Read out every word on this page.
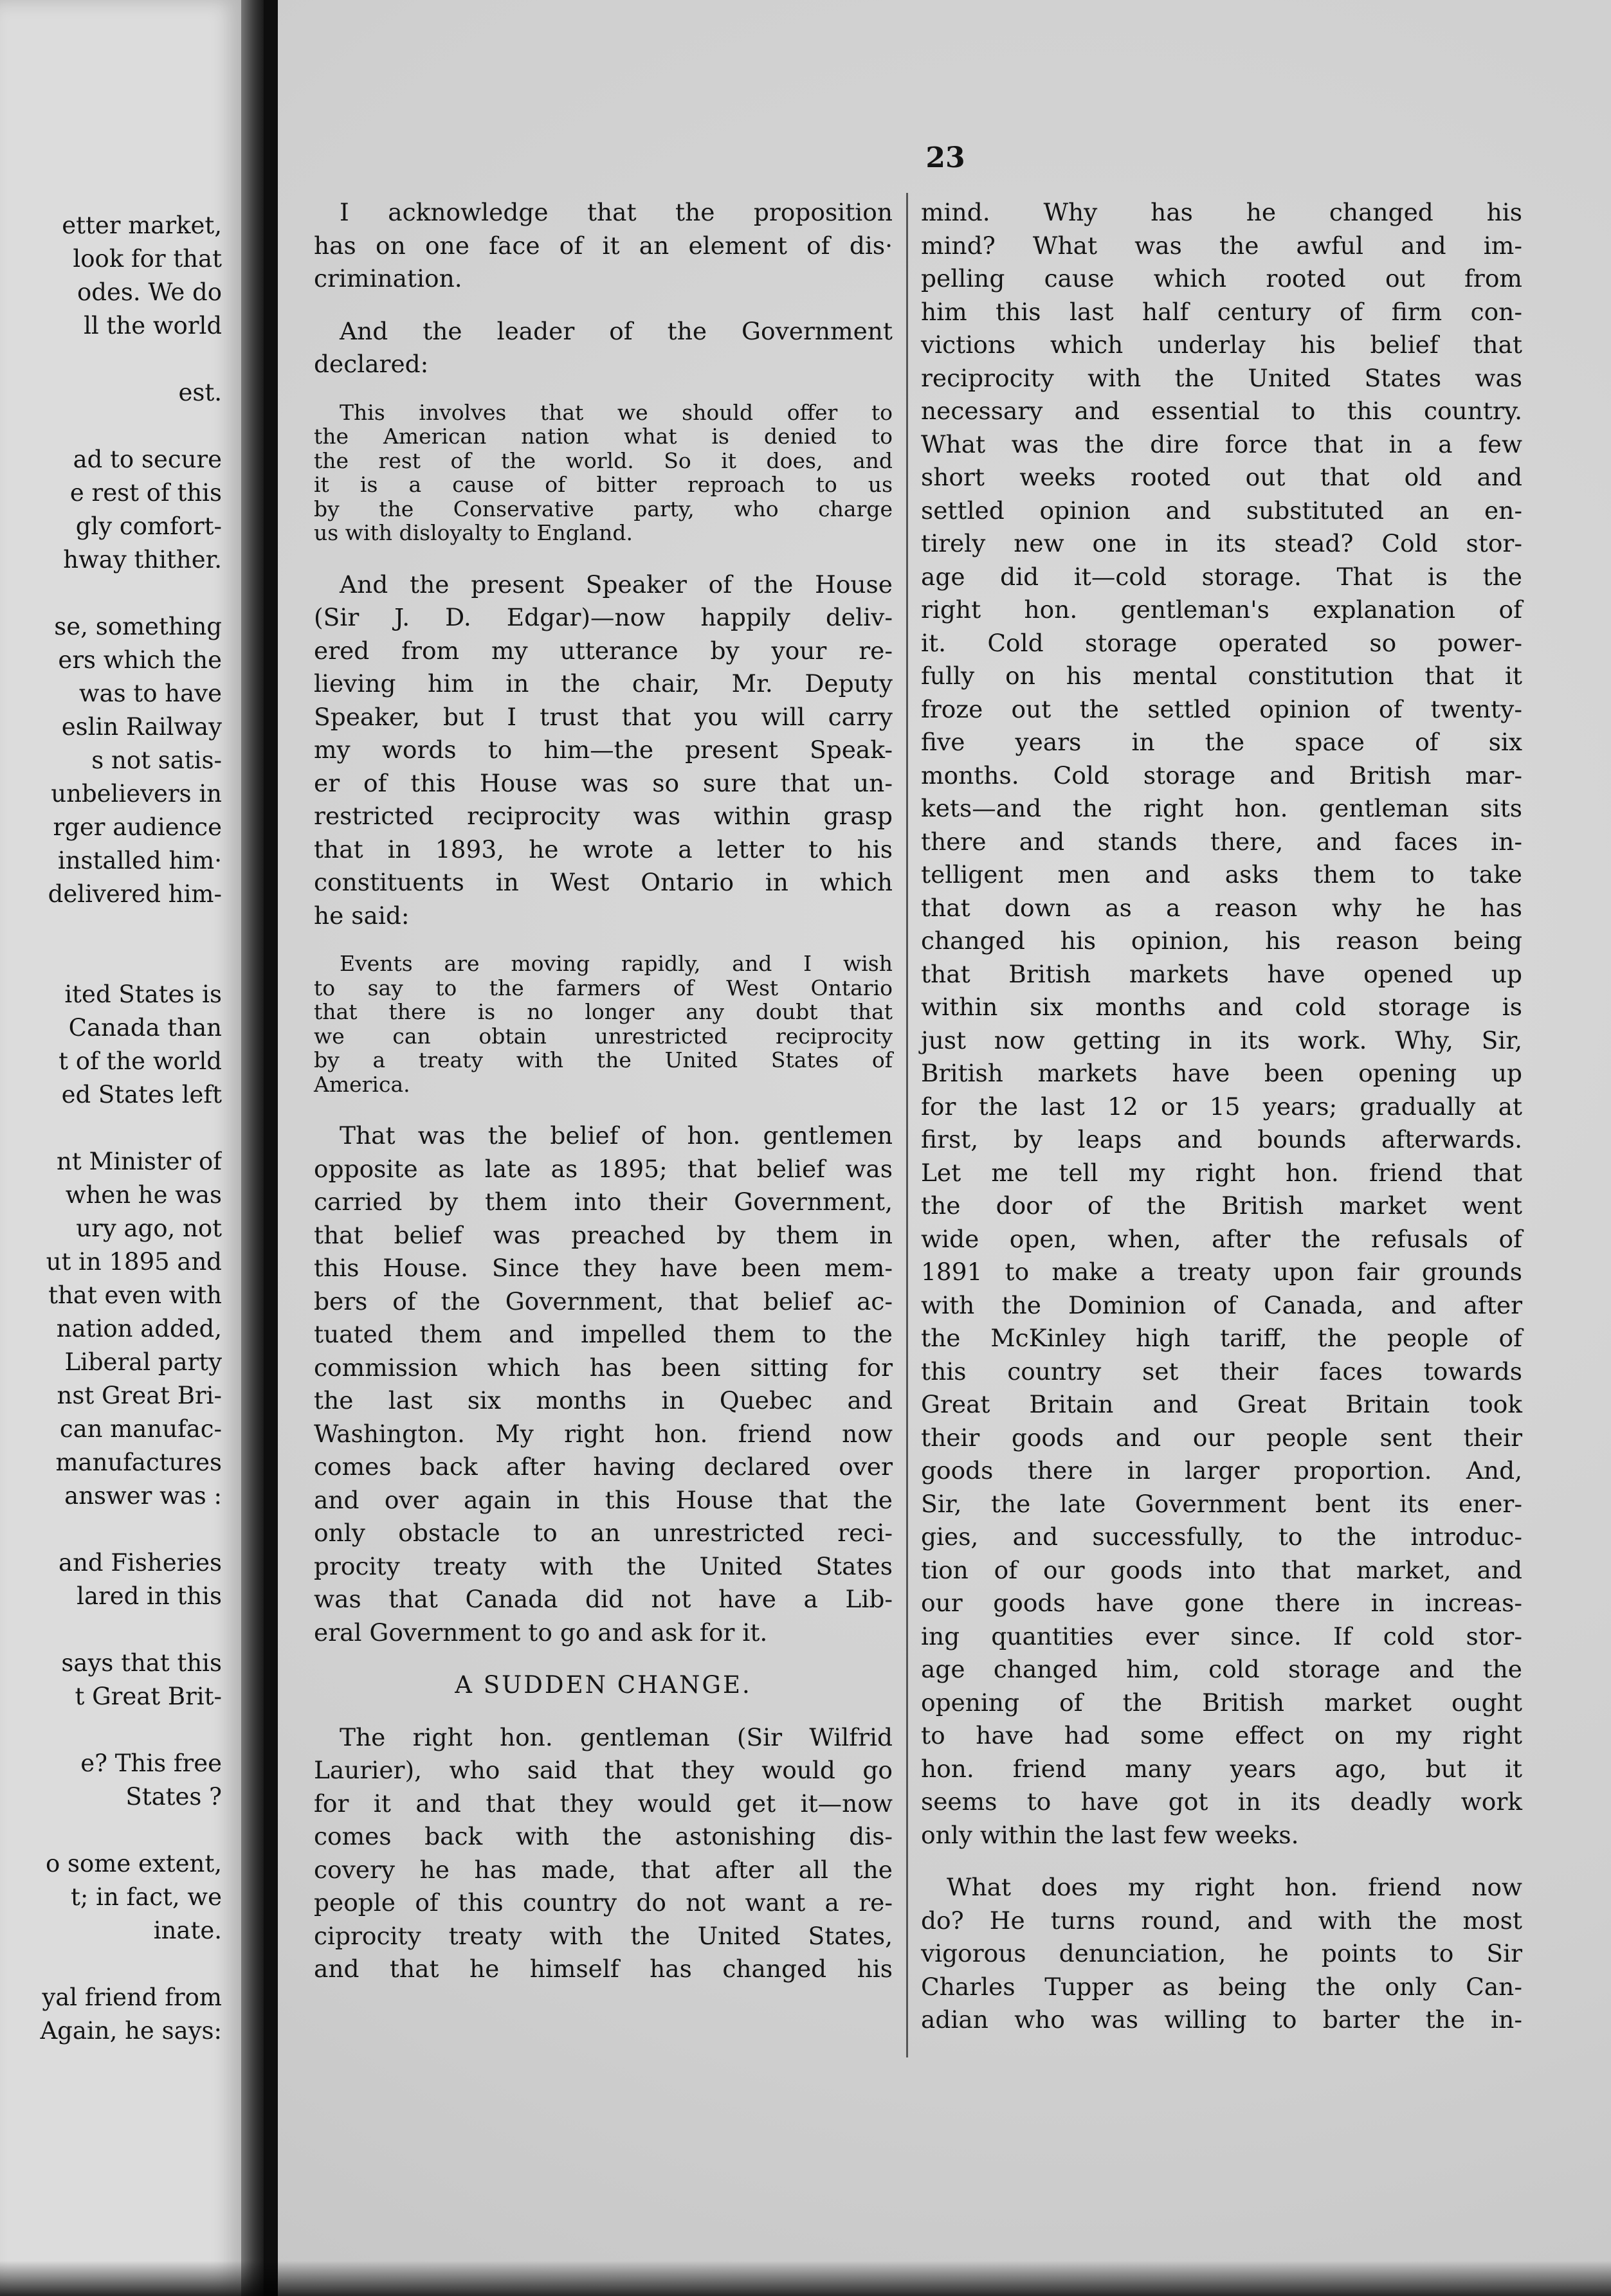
etter market,
look for that
odes. We do
ll the world
est.
ad to secure
e rest of this
gly comfort-
hway thither.
se, something
ers which the
was to have
eslin Railway
s not satis-
unbelievers in
rger audience
installed him·
delivered him-
ited States is
Canada than
t of the world
ed States left
nt Minister of
when he was
ury ago, not
ut in 1895 and
that even with
nation added,
Liberal party
nst Great Bri-
can manufac-
manufactures
answer was :
and Fisheries
lared in this
says that this
t Great Brit-
e? This free
States ?
o some extent,
t; in fact, we
inate.
yal friend from
Again, he says:
23

I acknowledge that the proposition
has on one face of it an element of dis·
crimination.

And the leader of the Government
declared:

This involves that we should offer to
the American nation what is denied to
the rest of the world. So it does, and
it is a cause of bitter reproach to us
by the Conservative party, who charge
us with disloyalty to England.

And the present Speaker of the House
(Sir J. D. Edgar)—now happily deliv-
ered from my utterance by your re-
lieving him in the chair, Mr. Deputy
Speaker, but I trust that you will carry
my words to him—the present Speak-
er of this House was so sure that un-
restricted reciprocity was within grasp
that in 1893, he wrote a letter to his
constituents in West Ontario in which
he said:

Events are moving rapidly, and I wish
to say to the farmers of West Ontario
that there is no longer any doubt that
we can obtain unrestricted reciprocity
by a treaty with the United States of
America.

That was the belief of hon. gentlemen
opposite as late as 1895; that belief was
carried by them into their Government,
that belief was preached by them in
this House. Since they have been mem-
bers of the Government, that belief ac-
tuated them and impelled them to the
commission which has been sitting for
the last six months in Quebec and
Washington. My right hon. friend now
comes back after having declared over
and over again in this House that the
only obstacle to an unrestricted reci-
procity treaty with the United States
was that Canada did not have a Lib-
eral Government to go and ask for it.

A SUDDEN CHANGE.

The right hon. gentleman (Sir Wilfrid
Laurier), who said that they would go
for it and that they would get it—now
comes back with the astonishing dis-
covery he has made, that after all the
people of this country do not want a re-
ciprocity treaty with the United States,
and that he himself has changed his

mind. Why has he changed his
mind? What was the awful and im-
pelling cause which rooted out from
him this last half century of firm con-
victions which underlay his belief that
reciprocity with the United States was
necessary and essential to this country.
What was the dire force that in a few
short weeks rooted out that old and
settled opinion and substituted an en-
tirely new one in its stead? Cold stor-
age did it—cold storage. That is the
right hon. gentleman's explanation of
it. Cold storage operated so power-
fully on his mental constitution that it
froze out the settled opinion of twenty-
five years in the space of six
months. Cold storage and British mar-
kets—and the right hon. gentleman sits
there and stands there, and faces in-
telligent men and asks them to take
that down as a reason why he has
changed his opinion, his reason being
that British markets have opened up
within six months and cold storage is
just now getting in its work. Why, Sir,
British markets have been opening up
for the last 12 or 15 years; gradually at
first, by leaps and bounds afterwards.
Let me tell my right hon. friend that
the door of the British market went
wide open, when, after the refusals of
1891 to make a treaty upon fair grounds
with the Dominion of Canada, and after
the McKinley high tariff, the people of
this country set their faces towards
Great Britain and Great Britain took
their goods and our people sent their
goods there in larger proportion. And,
Sir, the late Government bent its ener-
gies, and successfully, to the introduc-
tion of our goods into that market, and
our goods have gone there in increas-
ing quantities ever since. If cold stor-
age changed him, cold storage and the
opening of the British market ought
to have had some effect on my right
hon. friend many years ago, but it
seems to have got in its deadly work
only within the last few weeks.

What does my right hon. friend now
do? He turns round, and with the most
vigorous denunciation, he points to Sir
Charles Tupper as being the only Can-
adian who was willing to barter the in-
